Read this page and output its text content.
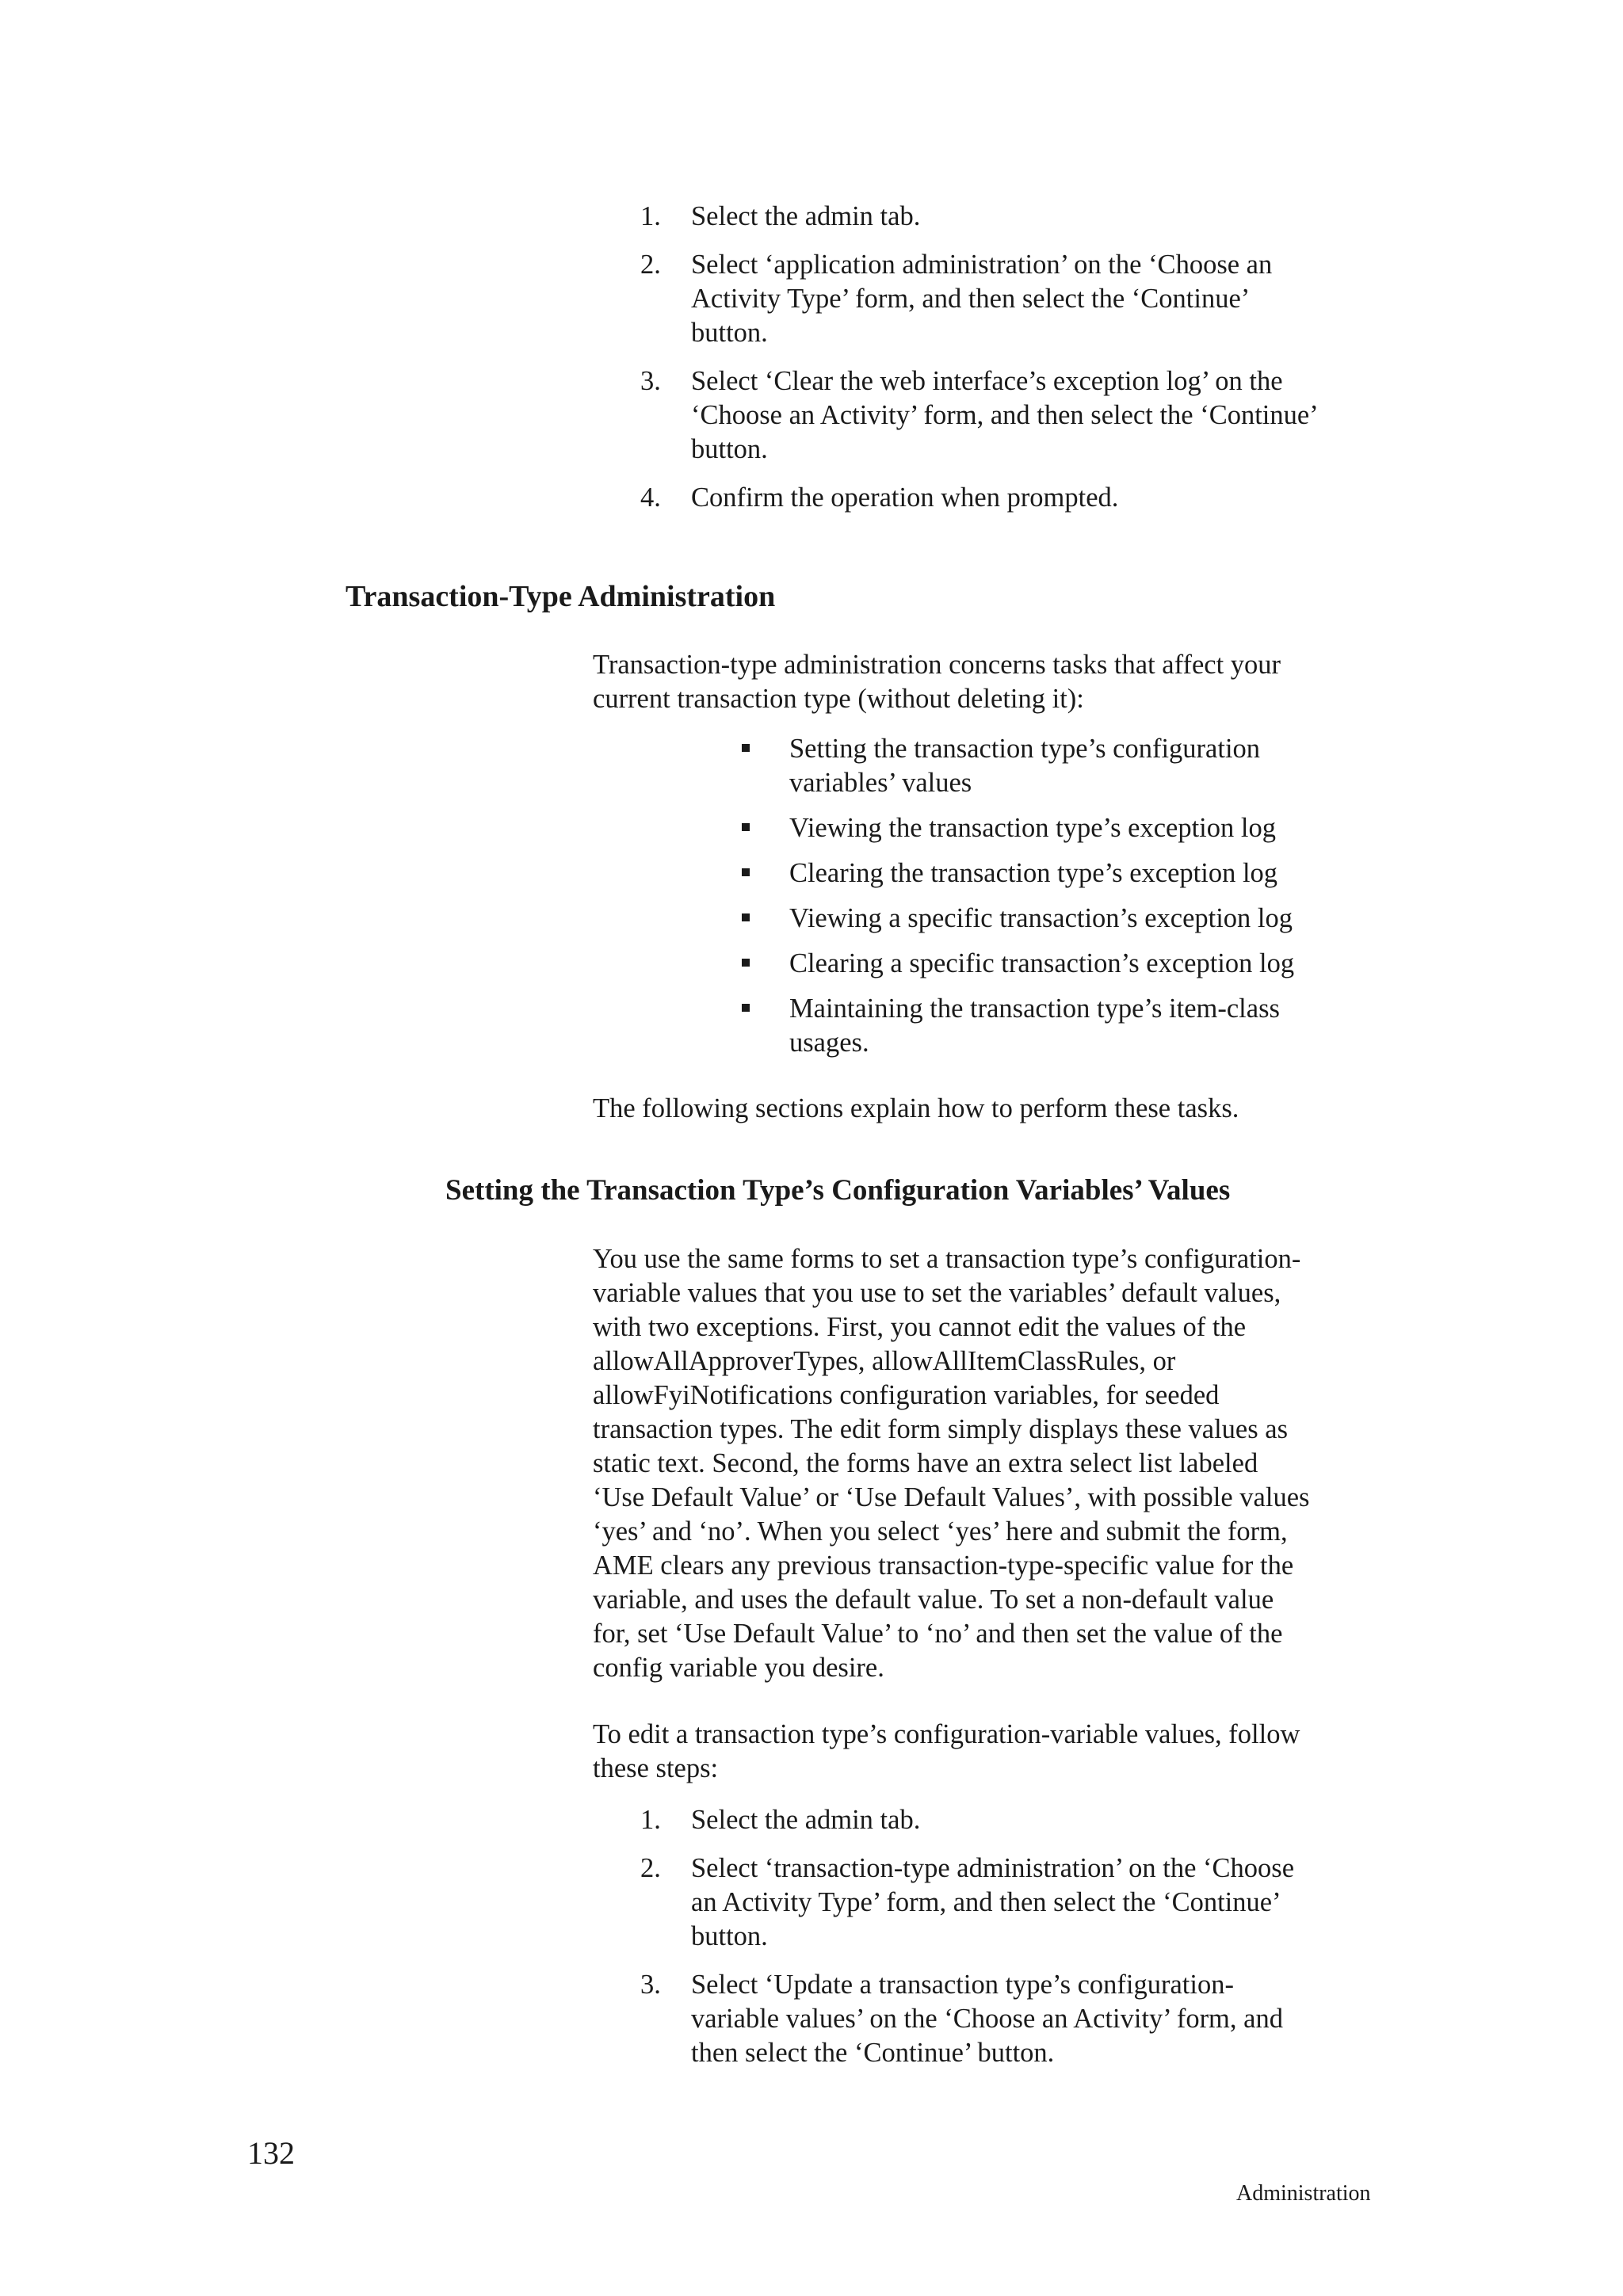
1. Select the admin tab.
2. Select ‘application administration’ on the ‘Choose an
Activity Type’ form, and then select the ‘Continue’
button.
3. Select ‘Clear the web interface’s exception log’ on the
‘Choose an Activity’ form, and then select the ‘Continue’
button.
4. Confirm the operation when prompted.
Transaction-Type Administration
Transaction-type administration concerns tasks that affect your
current transaction type (without deleting it):
Setting the transaction type’s configuration
variables’ values
Viewing the transaction type’s exception log
Clearing the transaction type’s exception log
Viewing a specific transaction’s exception log
Clearing a specific transaction’s exception log
Maintaining the transaction type’s item-class
usages.
The following sections explain how to perform these tasks.
Setting the Transaction Type’s Configuration Variables’ Values
You use the same forms to set a transaction type’s configuration-
variable values that you use to set the variables’ default values,
with two exceptions. First, you cannot edit the values of the
allowAllApproverTypes, allowAllItemClassRules, or
allowFyiNotifications configuration variables, for seeded
transaction types. The edit form simply displays these values as
static text. Second, the forms have an extra select list labeled
‘Use Default Value’ or ‘Use Default Values’, with possible values
‘yes’ and ‘no’. When you select ‘yes’ here and submit the form,
AME clears any previous transaction-type-specific value for the
variable, and uses the default value. To set a non-default value
for, set ‘Use Default Value’ to ‘no’ and then set the value of the
config variable you desire.
To edit a transaction type’s configuration-variable values, follow
these steps:
1. Select the admin tab.
2. Select ‘transaction-type administration’ on the ‘Choose
an Activity Type’ form, and then select the ‘Continue’
button.
3. Select ‘Update a transaction type’s configuration-
variable values’ on the ‘Choose an Activity’ form, and
then select the ‘Continue’ button.
132
Administration
